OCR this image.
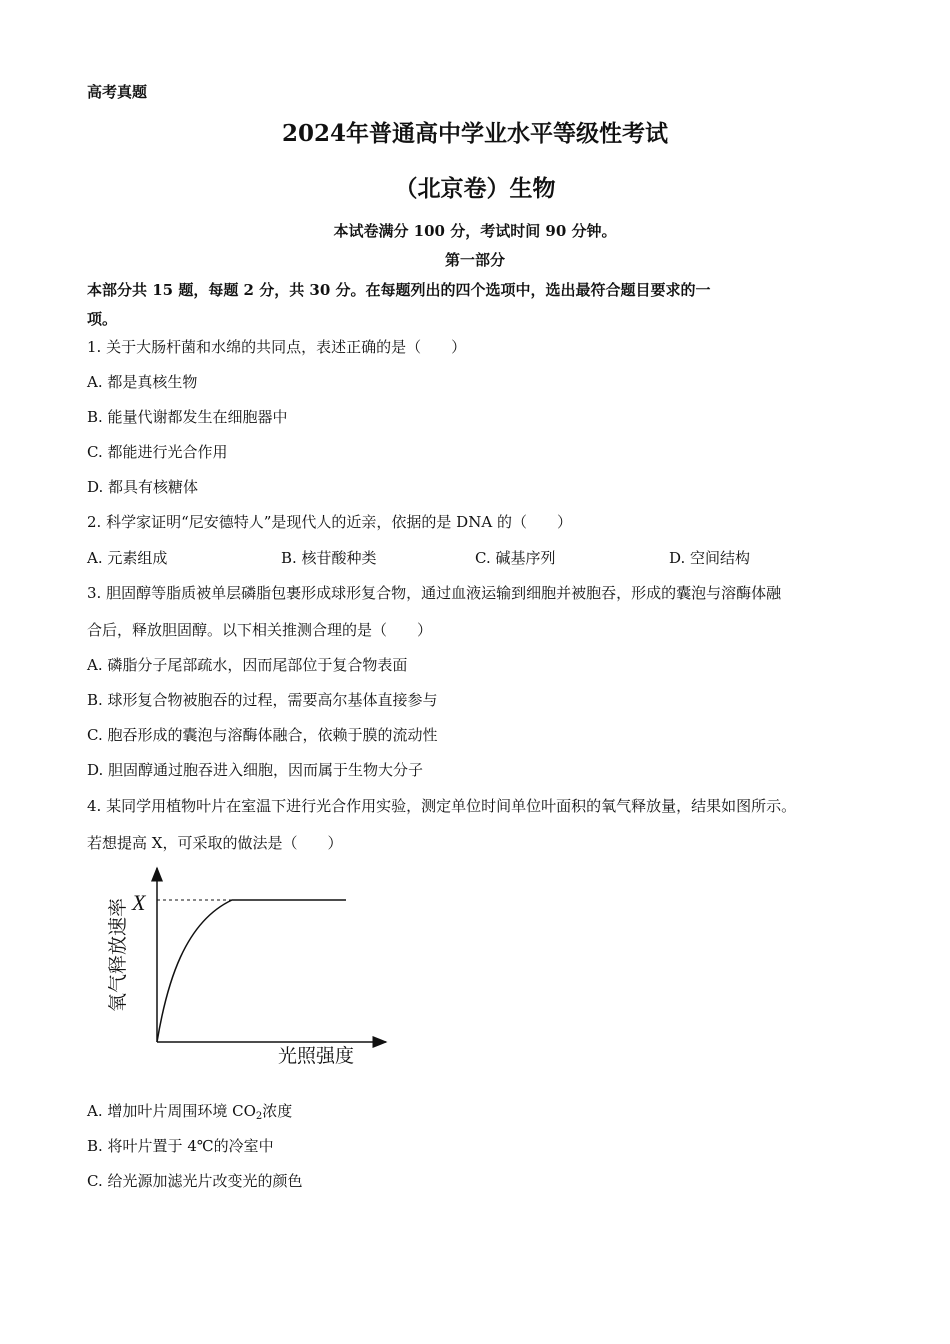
高考真题
2024年普通高中学业水平等级性考试
（北京卷）生物
本试卷满分 100 分，考试时间 90 分钟。
第一部分
本部分共 15 题，每题 2 分，共 30 分。在每题列出的四个选项中，选出最符合题目要求的一
项。
1. 关于大肠杆菌和水绵的共同点，表述正确的是（　　）
A. 都是真核生物
B. 能量代谢都发生在细胞器中
C. 都能进行光合作用
D. 都具有核糖体
2. 科学家证明“尼安德特人”是现代人的近亲，依据的是 DNA 的（　　）
A. 元素组成	B. 核苷酸种类	C. 碱基序列	D. 空间结构
3. 胆固醇等脂质被单层磷脂包裹形成球形复合物，通过血液运输到细胞并被胞吞，形成的囊泡与溶酶体融
合后，释放胆固醇。以下相关推测合理的是（　　）
A. 磷脂分子尾部疏水，因而尾部位于复合物表面
B. 球形复合物被胞吞的过程，需要高尔基体直接参与
C. 胞吞形成的囊泡与溶酶体融合，依赖于膜的流动性
D. 胆固醇通过胞吞进入细胞，因而属于生物大分子
4. 某同学用植物叶片在室温下进行光合作用实验，测定单位时间单位叶面积的氧气释放量，结果如图所示。
若想提高 X，可采取的做法是（　　）
X
氧气释放速率
光照强度
A. 增加叶片周围环境 $CO_2$浓度
B. 将叶片置于 4℃的冷室中
C. 给光源加滤光片改变光的颜色
